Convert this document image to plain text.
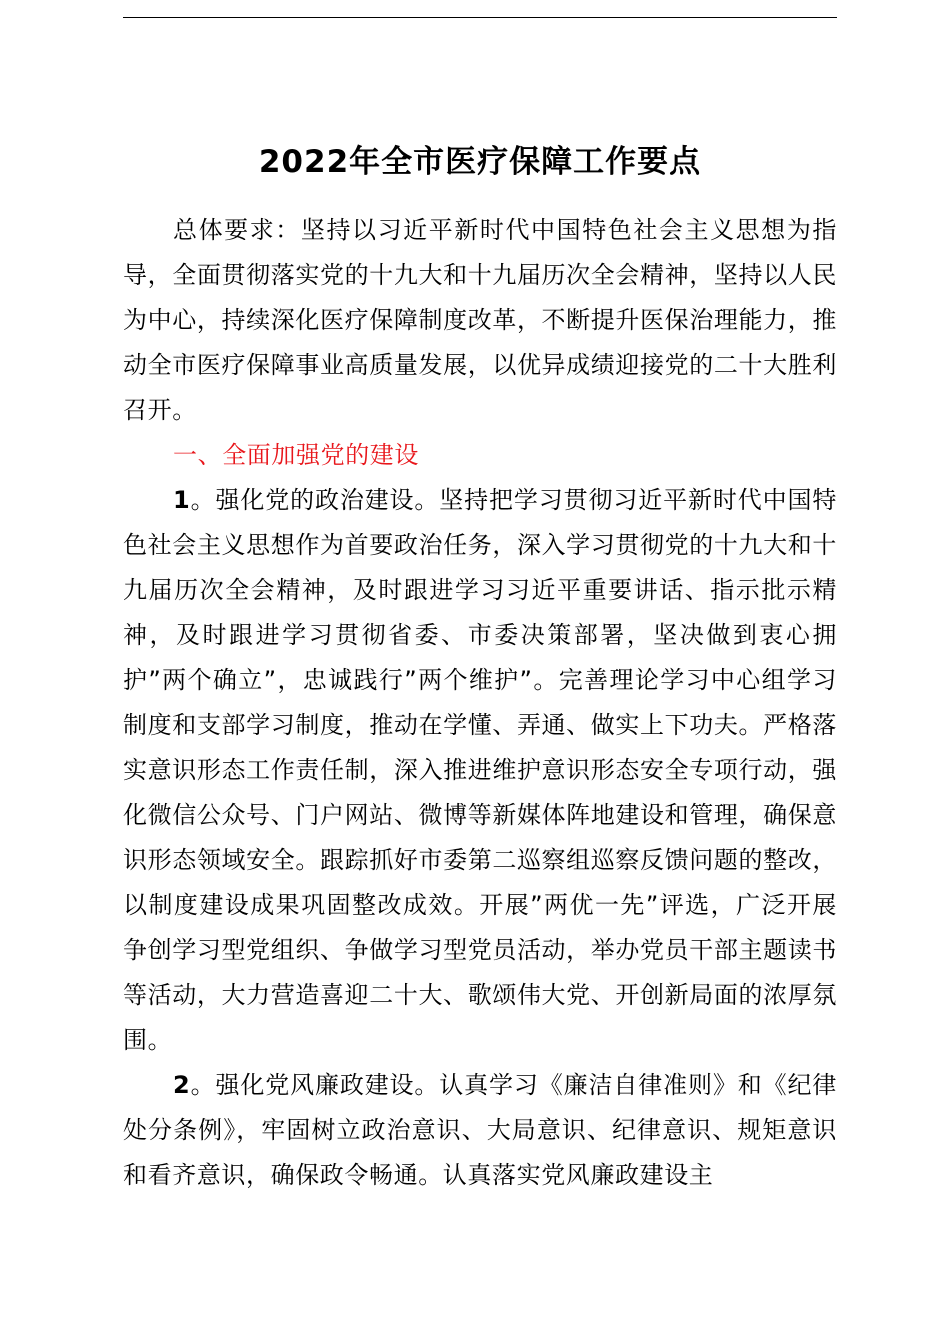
2022年全市医疗保障工作要点

总体要求：坚持以习近平新时代中国特色社会主义思想为指导，全面贯彻落实党的十九大和十九届历次全会精神，坚持以人民为中心，持续深化医疗保障制度改革，不断提升医保治理能力，推动全市医疗保障事业高质量发展，以优异成绩迎接党的二十大胜利召开。

一、全面加强党的建设

1。强化党的政治建设。坚持把学习贯彻习近平新时代中国特色社会主义思想作为首要政治任务，深入学习贯彻党的十九大和十九届历次全会精神，及时跟进学习习近平重要讲话、指示批示精神，及时跟进学习贯彻省委、市委决策部署，坚决做到衷心拥护”两个确立”，忠诚践行”两个维护”。完善理论学习中心组学习制度和支部学习制度，推动在学懂、弄通、做实上下功夫。严格落实意识形态工作责任制，深入推进维护意识形态安全专项行动，强化微信公众号、门户网站、微博等新媒体阵地建设和管理，确保意识形态领域安全。跟踪抓好市委第二巡察组巡察反馈问题的整改，以制度建设成果巩固整改成效。开展”两优一先”评选，广泛开展争创学习型党组织、争做学习型党员活动，举办党员干部主题读书等活动，大力营造喜迎二十大、歌颂伟大党、开创新局面的浓厚氛围。

2。强化党风廉政建设。认真学习《廉洁自律准则》和《纪律处分条例》，牢固树立政治意识、大局意识、纪律意识、规矩意识和看齐意识，确保政令畅通。认真落实党风廉政建设主
